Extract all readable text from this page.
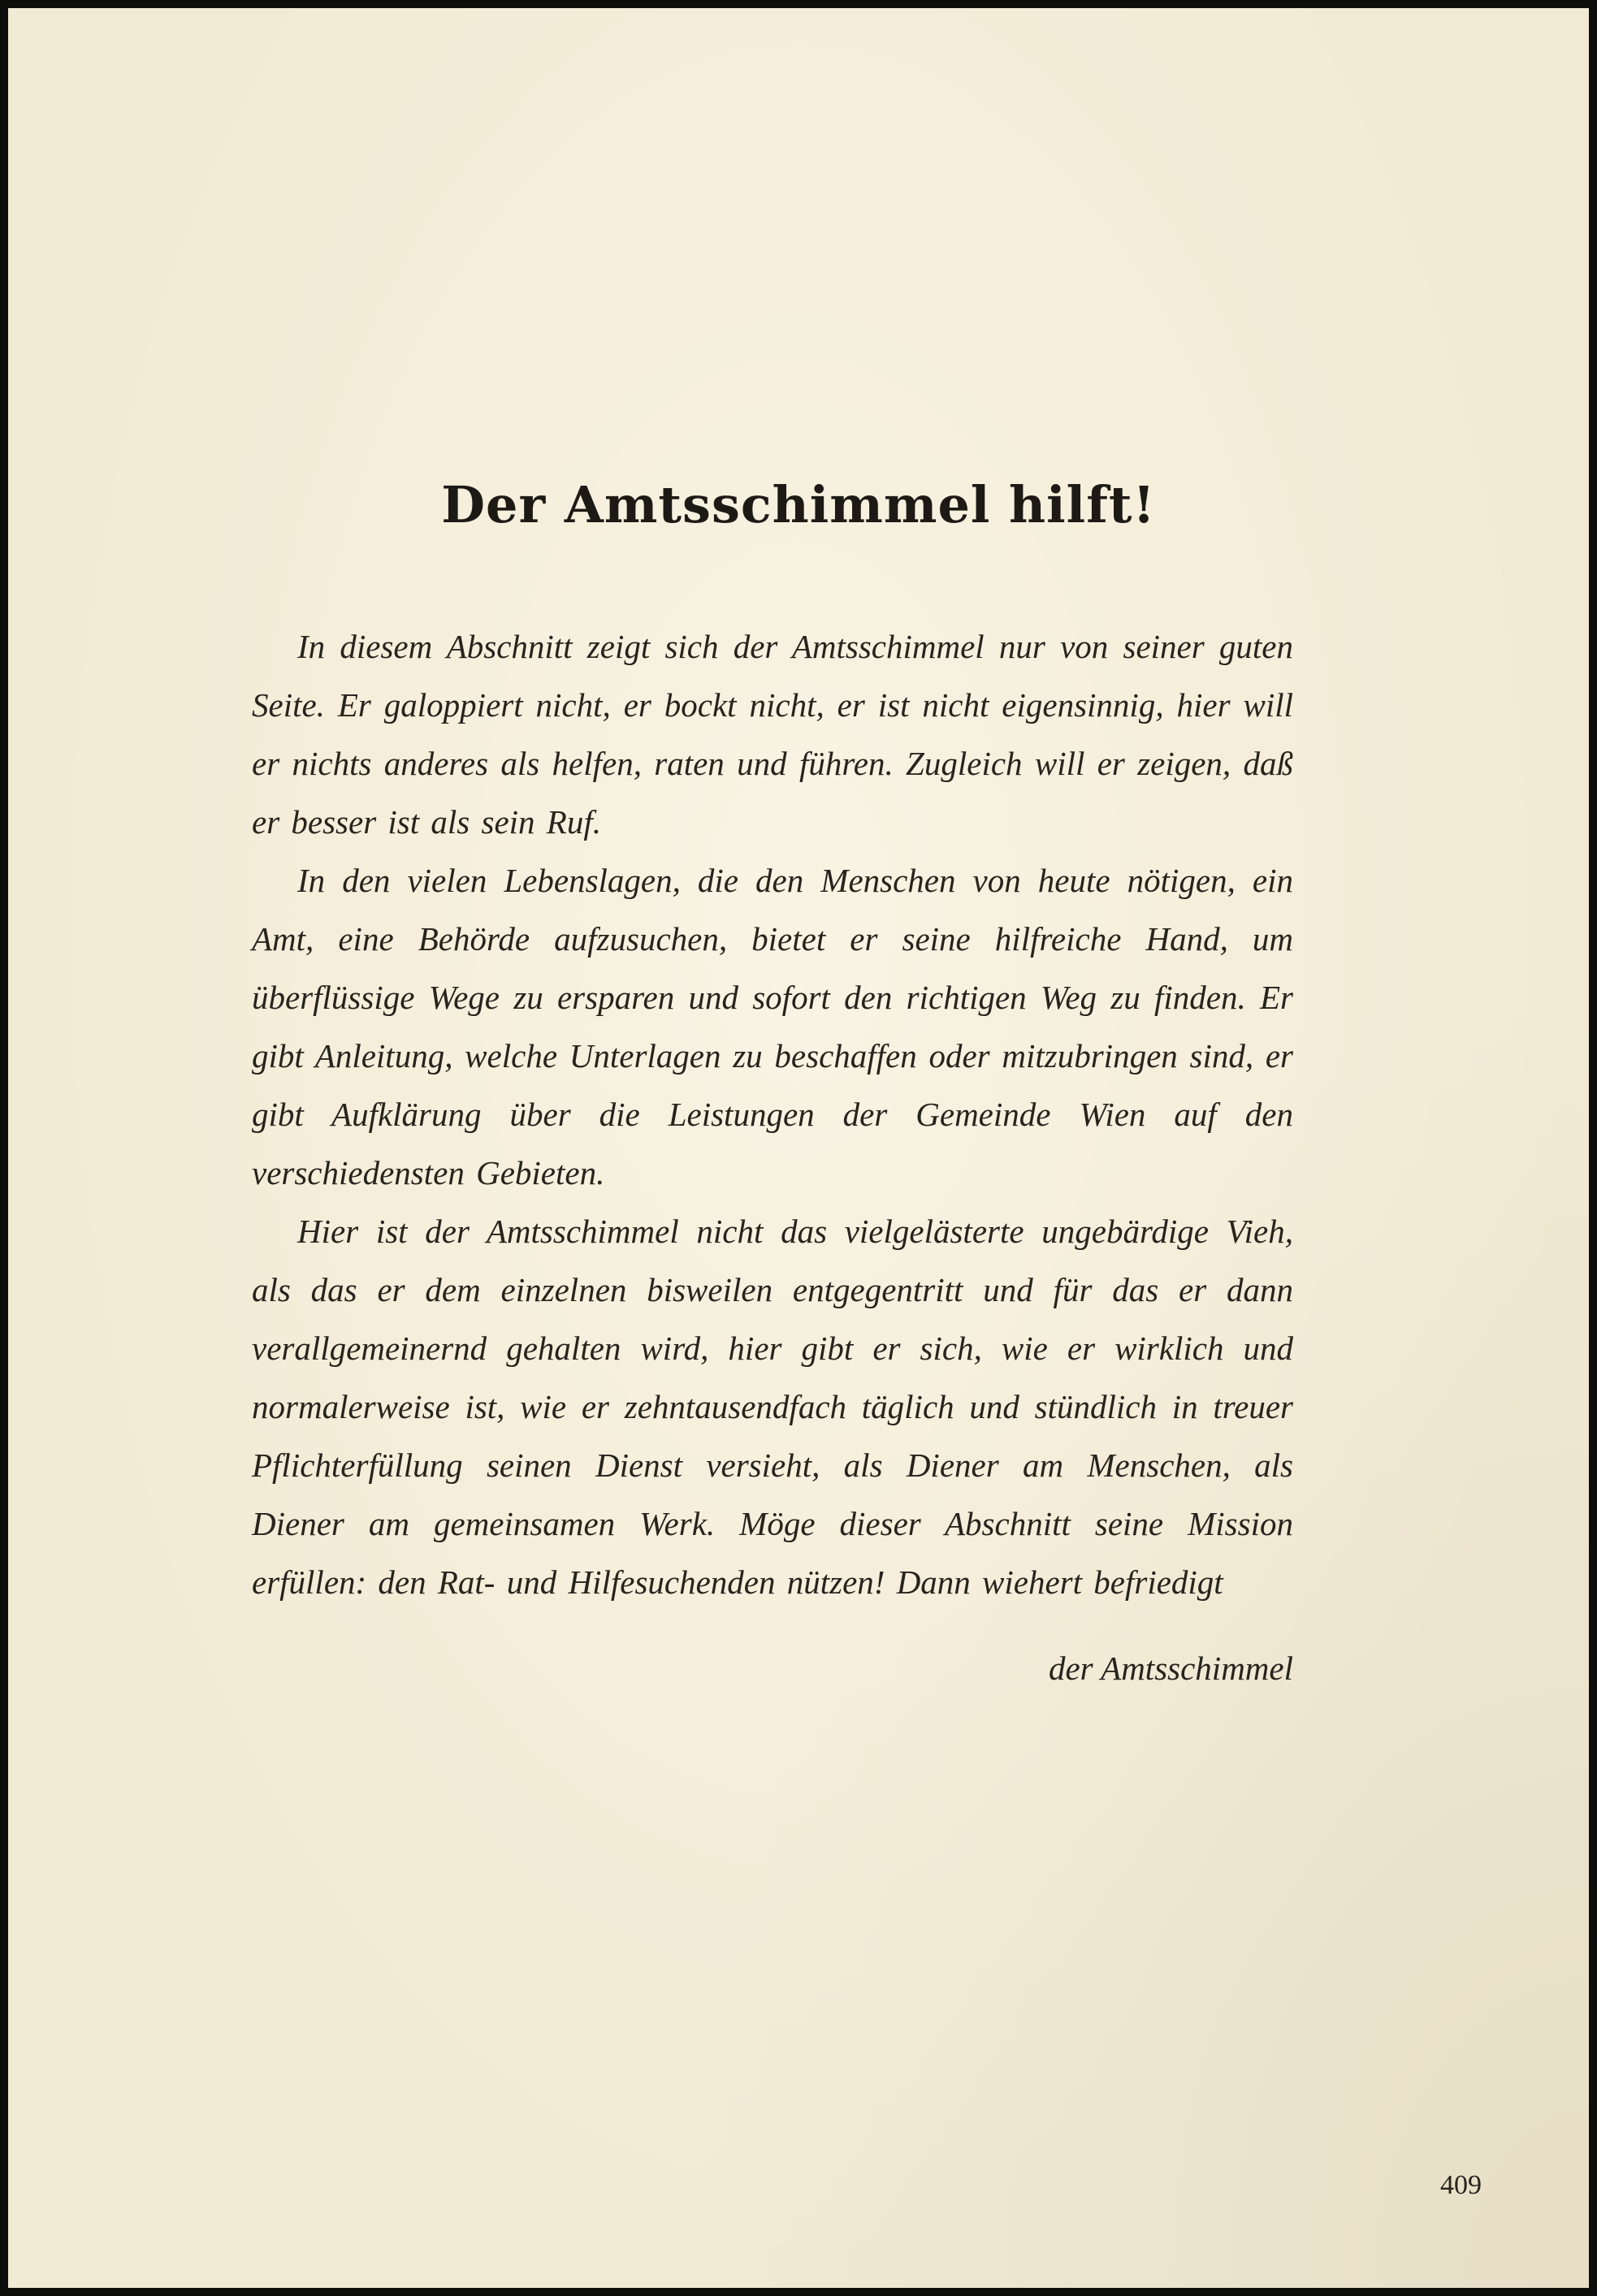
Der Amtsschimmel hilft!

In diesem Abschnitt zeigt sich der Amtsschimmel nur von seiner guten Seite. Er galoppiert nicht, er bockt nicht, er ist nicht eigensinnig, hier will er nichts anderes als helfen, raten und führen. Zugleich will er zeigen, daß er besser ist als sein Ruf.

In den vielen Lebenslagen, die den Menschen von heute nötigen, ein Amt, eine Behörde aufzusuchen, bietet er seine hilfreiche Hand, um überflüssige Wege zu ersparen und sofort den richtigen Weg zu finden. Er gibt Anleitung, welche Unterlagen zu beschaffen oder mitzubringen sind, er gibt Aufklärung über die Leistungen der Gemeinde Wien auf den verschiedensten Gebieten.

Hier ist der Amtsschimmel nicht das vielgelästerte ungebärdige Vieh, als das er dem einzelnen bisweilen entgegentritt und für das er dann verallgemeinernd gehalten wird, hier gibt er sich, wie er wirklich und normalerweise ist, wie er zehntausendfach täglich und stündlich in treuer Pflichterfüllung seinen Dienst versieht, als Diener am Menschen, als Diener am gemeinsamen Werk. Möge dieser Abschnitt seine Mission erfüllen: den Rat- und Hilfesuchenden nützen! Dann wiehert befriedigt

der Amtsschimmel

409
